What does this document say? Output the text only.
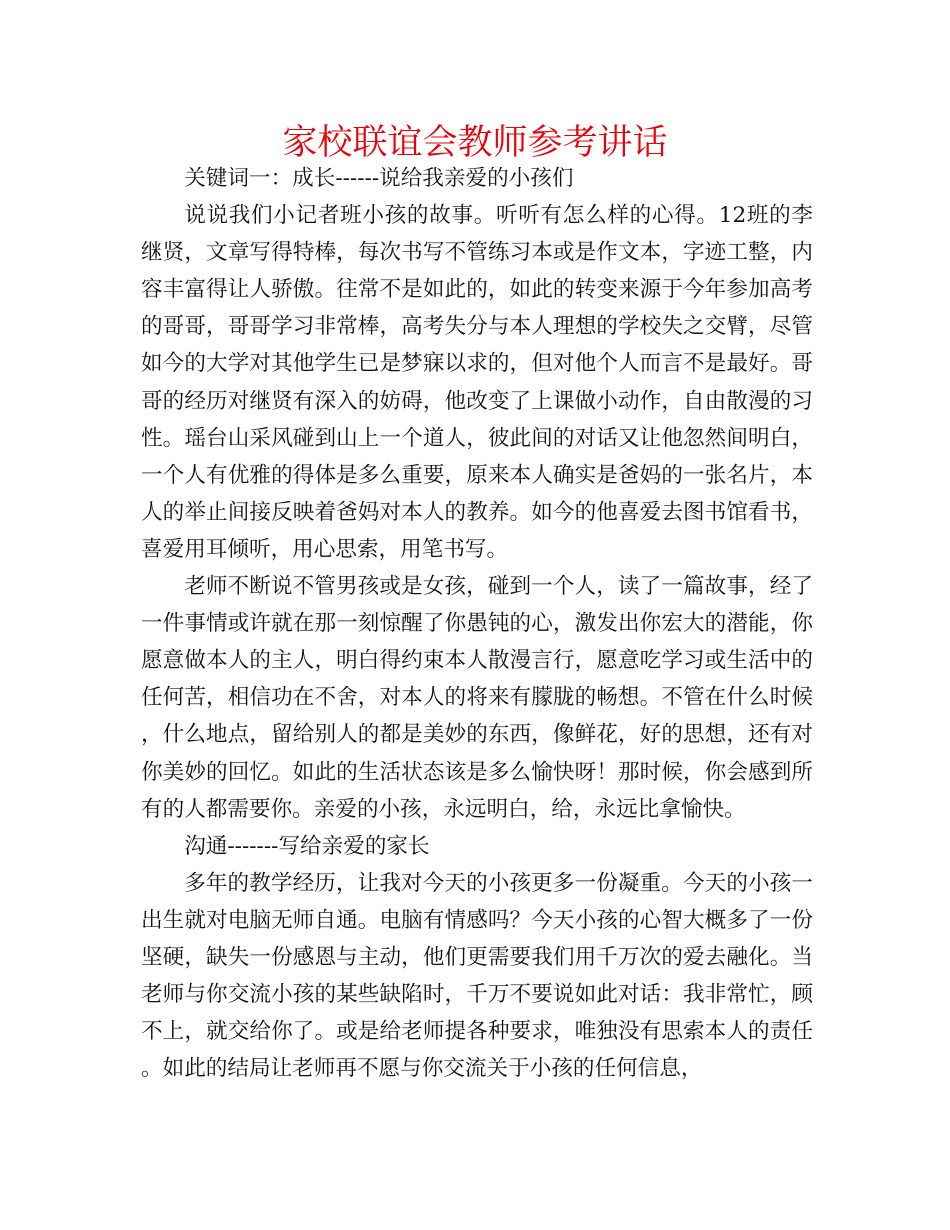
家校联谊会教师参考讲话

关键词一：成长------说给我亲爱的小孩们

说说我们小记者班小孩的故事。听听有怎么样的心得。12班的李继贤，文章写得特棒，每次书写不管练习本或是作文本，字迹工整，内容丰富得让人骄傲。往常不是如此的，如此的转变来源于今年参加高考的哥哥，哥哥学习非常棒，高考失分与本人理想的学校失之交臂，尽管如今的大学对其他学生已是梦寐以求的，但对他个人而言不是最好。哥哥的经历对继贤有深入的妨碍，他改变了上课做小动作，自由散漫的习性。瑶台山采风碰到山上一个道人，彼此间的对话又让他忽然间明白，一个人有优雅的得体是多么重要，原来本人确实是爸妈的一张名片，本人的举止间接反映着爸妈对本人的教养。如今的他喜爱去图书馆看书，喜爱用耳倾听，用心思索，用笔书写。

老师不断说不管男孩或是女孩，碰到一个人，读了一篇故事，经了一件事情或许就在那一刻惊醒了你愚钝的心，激发出你宏大的潜能，你愿意做本人的主人，明白得约束本人散漫言行，愿意吃学习或生活中的任何苦，相信功在不舍，对本人的将来有朦胧的畅想。不管在什么时候，什么地点，留给别人的都是美妙的东西，像鲜花，好的思想，还有对你美妙的回忆。如此的生活状态该是多么愉快呀！那时候，你会感到所有的人都需要你。亲爱的小孩，永远明白，给，永远比拿愉快。

沟通-------写给亲爱的家长

多年的教学经历，让我对今天的小孩更多一份凝重。今天的小孩一出生就对电脑无师自通。电脑有情感吗？今天小孩的心智大概多了一份坚硬，缺失一份感恩与主动，他们更需要我们用千万次的爱去融化。当老师与你交流小孩的某些缺陷时，千万不要说如此对话：我非常忙，顾不上，就交给你了。或是给老师提各种要求，唯独没有思索本人的责任。如此的结局让老师再不愿与你交流关于小孩的任何信息，
